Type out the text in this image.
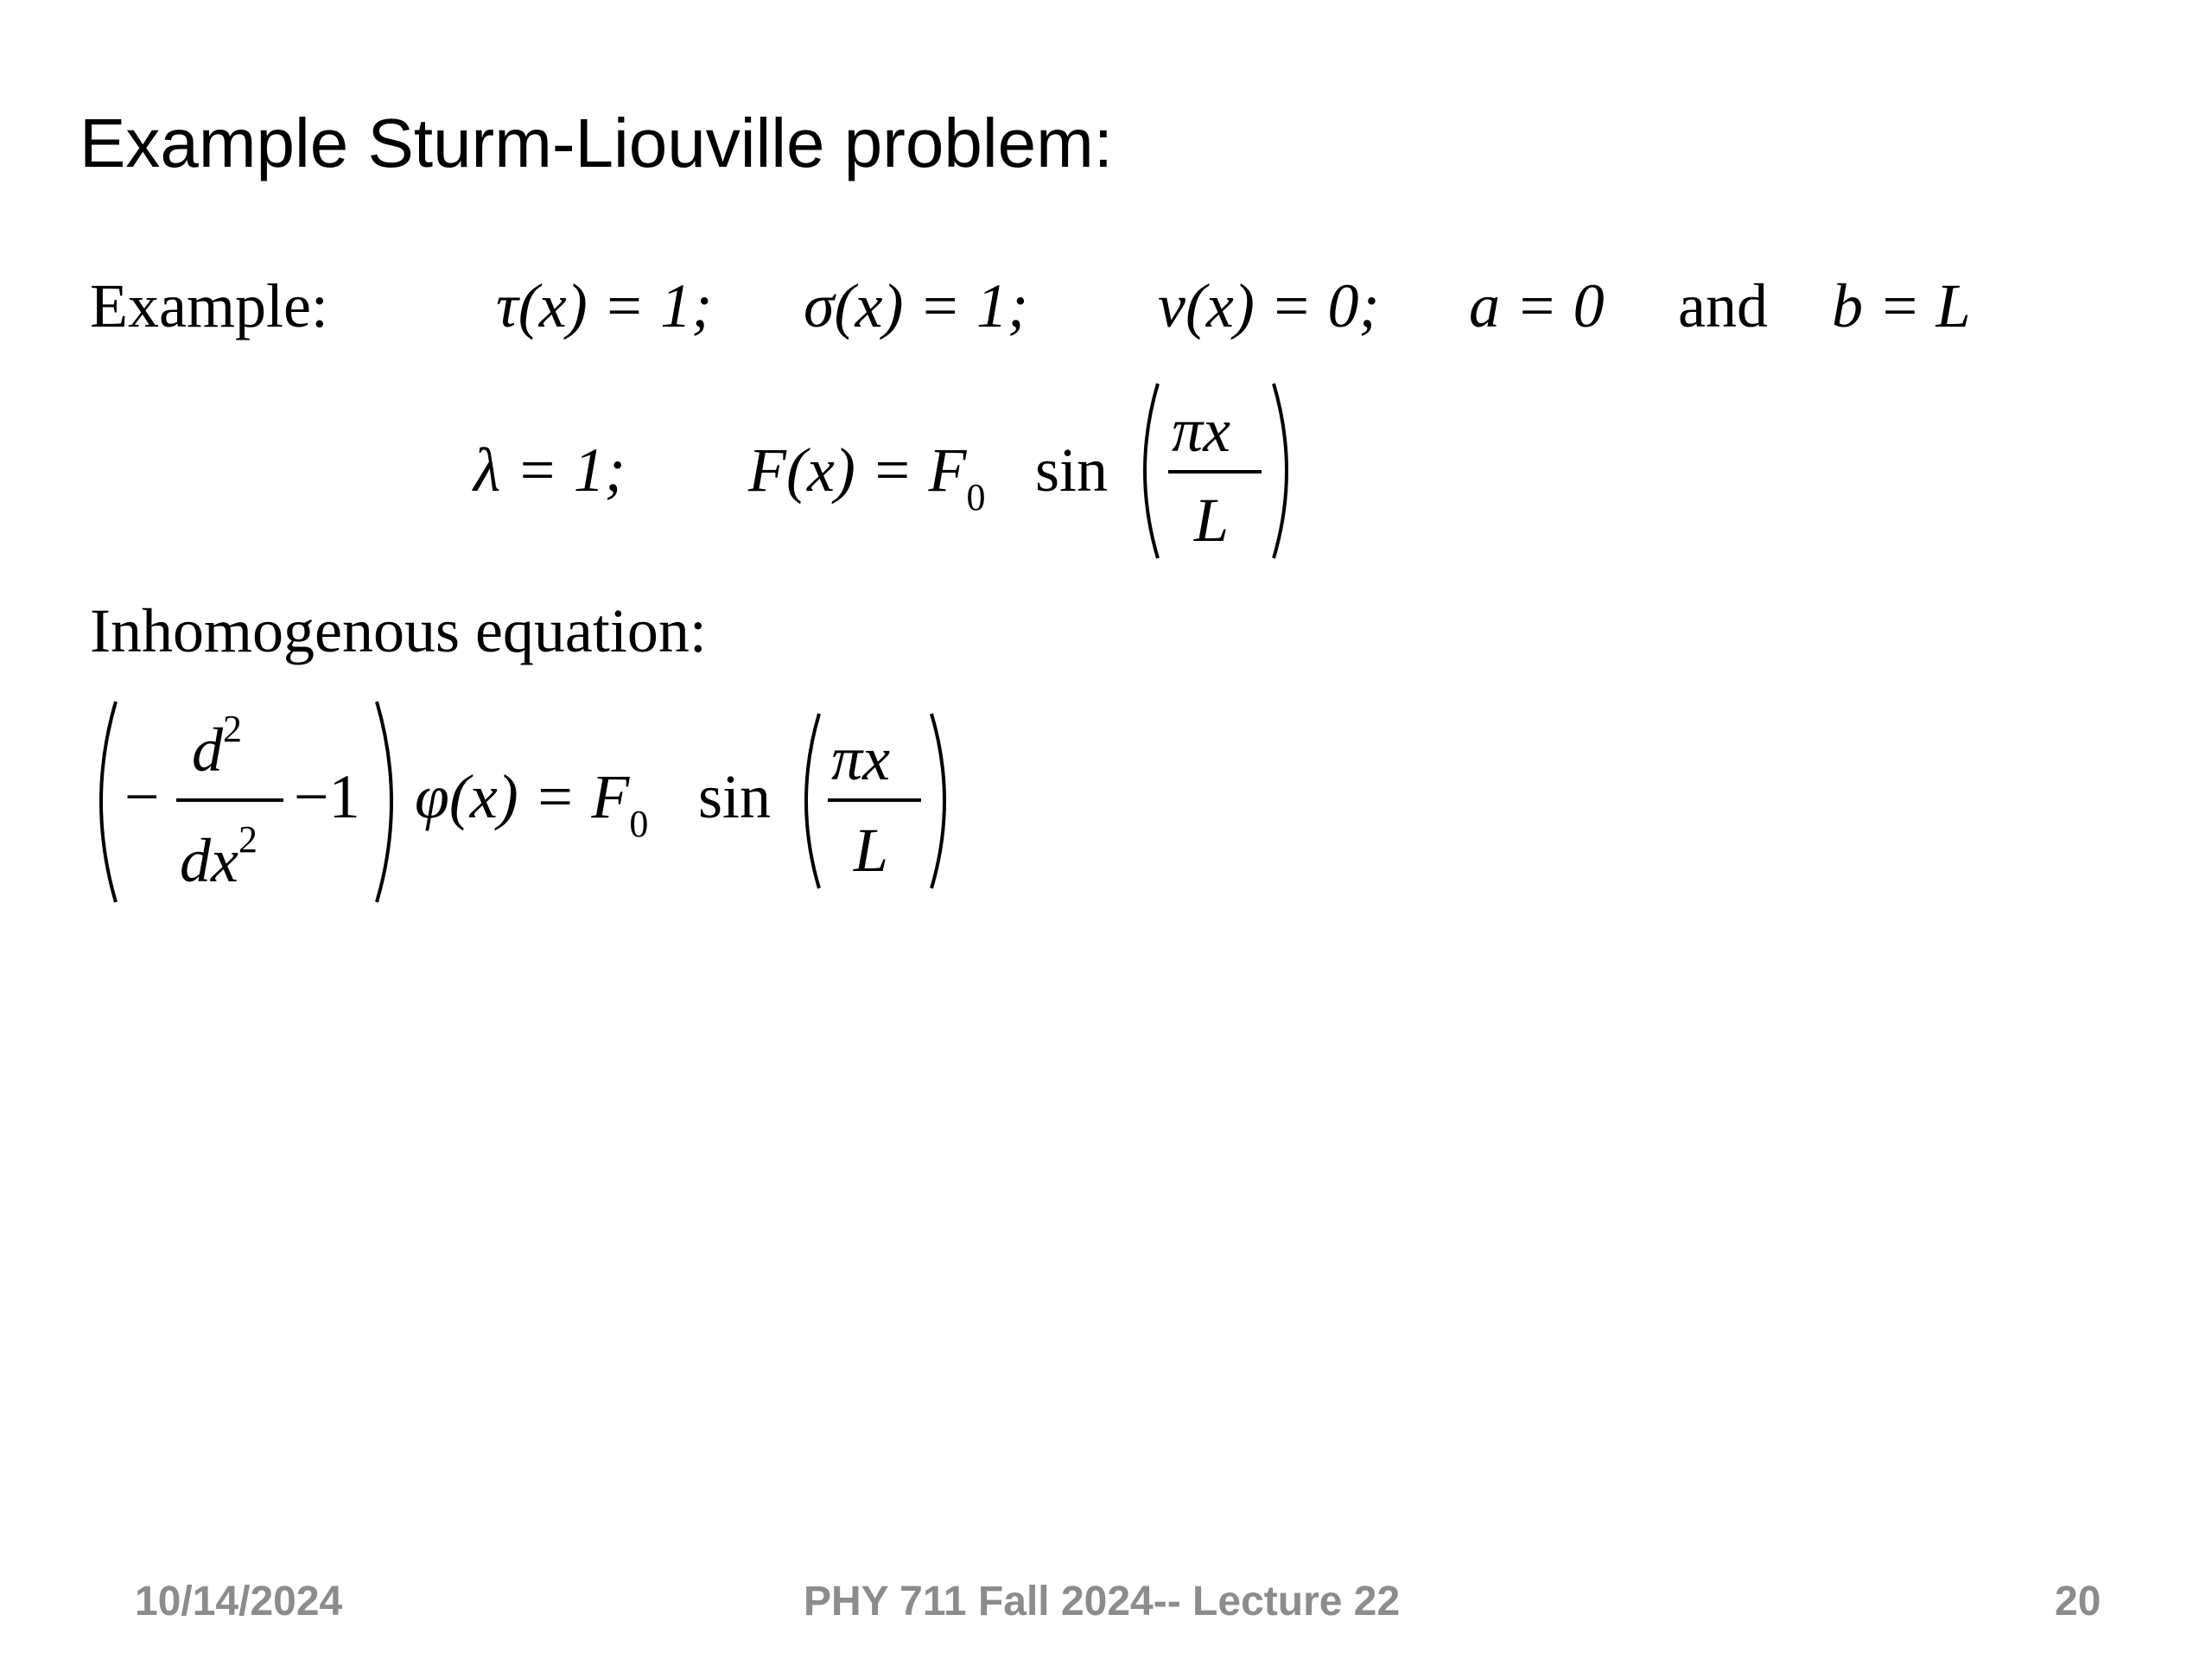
Example Sturm-Liouville problem:
Example:	τ(x) = 1; σ(x) = 1; v(x) = 0; a = 0 and b = L
λ = 1; $F(x) = F_0$ sin
πx
L
Inhomogenous equation:
−
$d^2$
$dx^2$
−1 $\varphi(x) = F_0$ sin
πx
L
10/14/2024	PHY 711 Fall 2024-- Lecture 22	20
